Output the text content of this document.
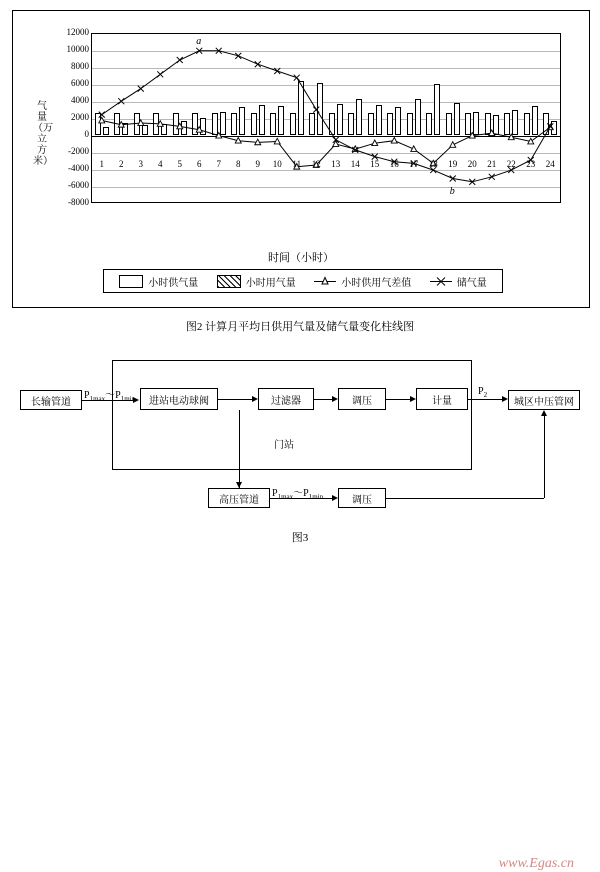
气量（万立方米）
12000
10000
8000
6000
4000
2000
0
-2000
-4000
-6000
-8000
a
b
1	2	3	4	5	6	7	8	9	10	11	12	13	14	15	16	17	18	19	20	21	22	23	24
时间（小时）
小时供气量	小时用气量	小时供用气差值	储气量
图2 计算月平均日供用气量及储气量变化柱线图
长输管道	进站电动球阀	过滤器	调压	计量	城区中压管网
高压管道	调压
$P_{1max}\sim P_{1min}$
$P_2$
门站
$P_{1max}\sim P_{1min}$
www.Egas.cn
图3
